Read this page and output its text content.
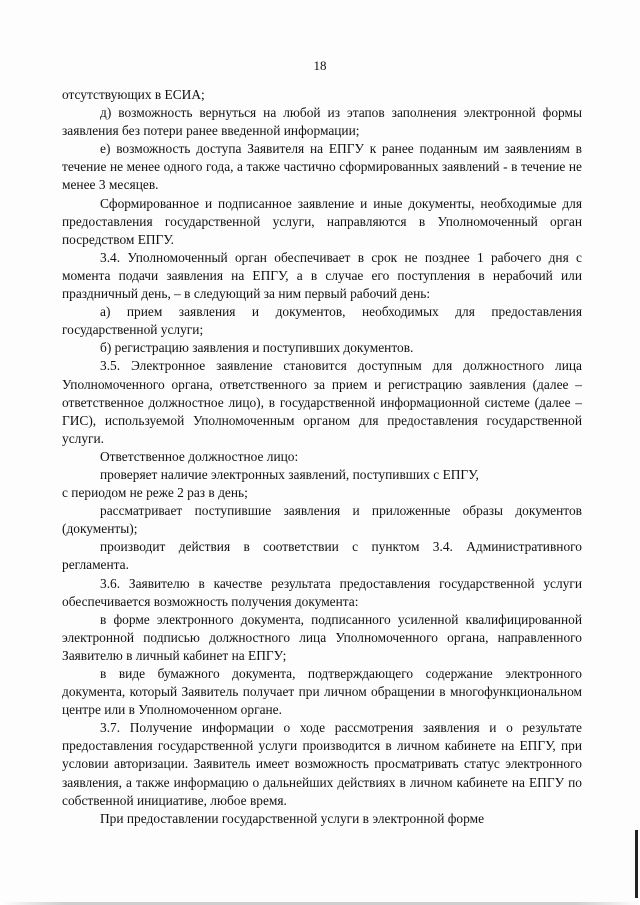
18

отсутствующих в ЕСИА;

д) возможность вернуться на любой из этапов заполнения электронной формы заявления без потери ранее введенной информации;

е) возможность доступа Заявителя на ЕПГУ к ранее поданным им заявлениям в течение не менее одного года, а также частично сформированных заявлений - в течение не менее 3 месяцев.

Сформированное и подписанное заявление и иные документы, необходимые для предоставления государственной услуги, направляются в Уполномоченный орган посредством ЕПГУ.

3.4. Уполномоченный орган обеспечивает в срок не позднее 1 рабочего дня с момента подачи заявления на ЕПГУ, а в случае его поступления в нерабочий или праздничный день, – в следующий за ним первый рабочий день:

а) прием заявления и документов, необходимых для предоставления государственной услуги;

б) регистрацию заявления и поступивших документов.

3.5. Электронное заявление становится доступным для должностного лица Уполномоченного органа, ответственного за прием и регистрацию заявления (далее – ответственное должностное лицо), в государственной информационной системе (далее – ГИС), используемой Уполномоченным органом для предоставления государственной услуги.

Ответственное должностное лицо:

проверяет наличие электронных заявлений, поступивших с ЕПГУ,

с периодом не реже 2 раз в день;

рассматривает поступившие заявления и приложенные образы документов (документы);

производит действия в соответствии с пунктом 3.4. Административного регламента.

3.6. Заявителю в качестве результата предоставления государственной услуги обеспечивается возможность получения документа:

в форме электронного документа, подписанного усиленной квалифицированной электронной подписью должностного лица Уполномоченного органа, направленного Заявителю в личный кабинет на ЕПГУ;

в виде бумажного документа, подтверждающего содержание электронного документа, который Заявитель получает при личном обращении в многофункциональном центре или в Уполномоченном органе.

3.7. Получение информации о ходе рассмотрения заявления и о результате предоставления государственной услуги производится в личном кабинете на ЕПГУ, при условии авторизации. Заявитель имеет возможность просматривать статус электронного заявления, а также информацию о дальнейших действиях в личном кабинете на ЕПГУ по собственной инициативе, любое время.

При предоставлении государственной услуги в электронной форме
